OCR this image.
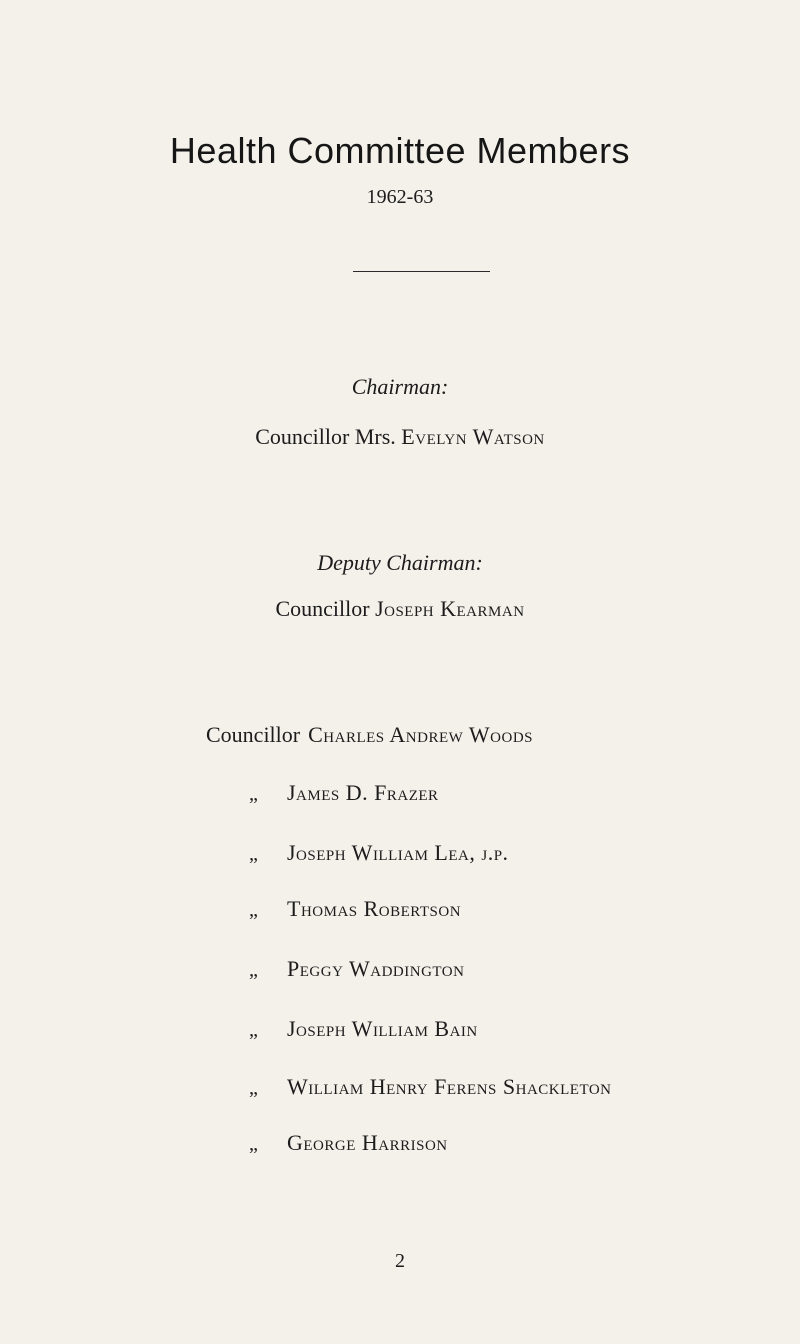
Health Committee Members
1962-63
Chairman:
Councillor Mrs. Evelyn Watson
Deputy Chairman:
Councillor Joseph Kearman
Councillor Charles Andrew Woods
„ James D. Frazer
„ Joseph William Lea, j.p.
„ Thomas Robertson
„ Peggy Waddington
„ Joseph William Bain
„ William Henry Ferens Shackleton
„ George Harrison
2
